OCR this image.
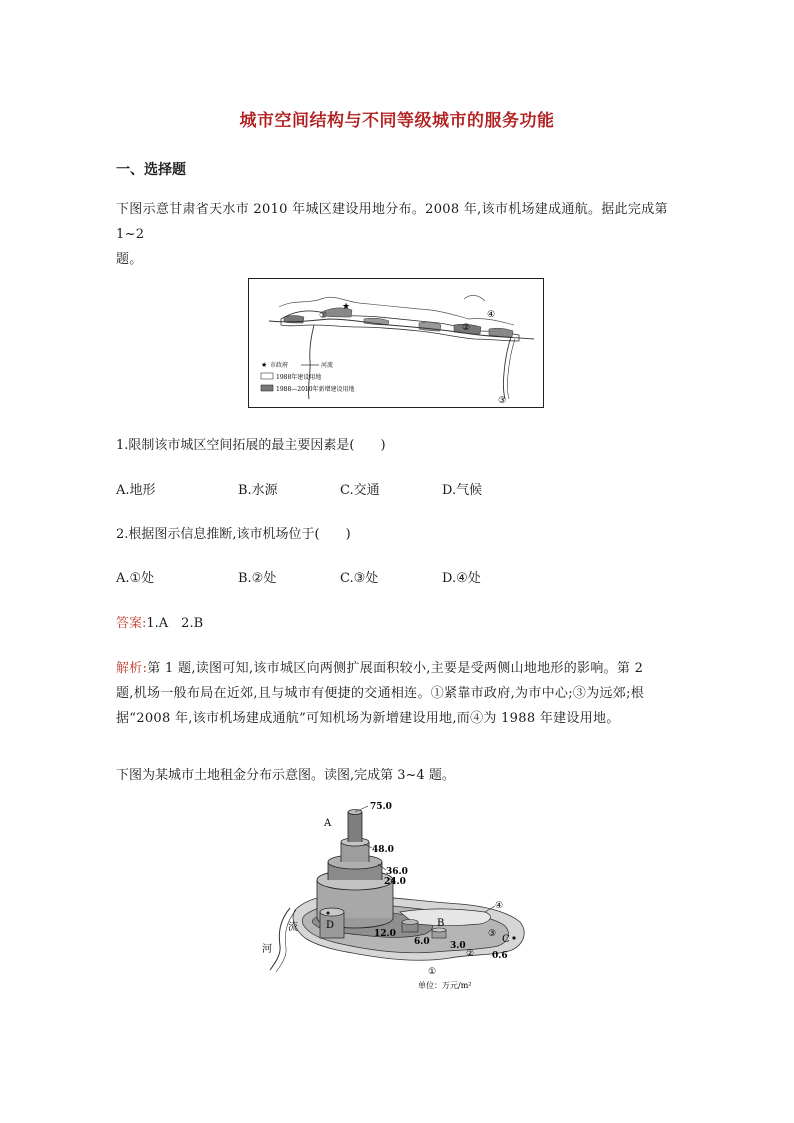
城市空间结构与不同等级城市的服务功能
一、选择题
下图示意甘肃省天水市 2010 年城区建设用地分布。2008 年,该市机场建成通航。据此完成第 1~2
题。
★
①
②
③
④
★ 市政府	河流
1988年建设用地
1988—2010年新增建设用地
1.限制该市城区空间拓展的最主要因素是(　　)
A.地形	B.水源	C.交通	D.气候
2.根据图示信息推断,该市机场位于(　　)
A.①处	B.②处	C.③处	D.④处
答案:1.A　2.B
解析:第 1 题,读图可知,该市城区向两侧扩展面积较小,主要是受两侧山地地形的影响。第 2
题,机场一般布局在近郊,且与城市有便捷的交通相连。①紧靠市政府,为市中心;③为远郊;根
据“2008 年,该市机场建成通航”可知机场为新增建设用地,而④为 1988 年建设用地。
下图为某城市土地租金分布示意图。读图,完成第 3~4 题。
75.0
48.0
36.0
24.0
12.0
6.0 3.0
0.6
A
B
C
D
①
②
③
④
流
河
单位：万元/m²
